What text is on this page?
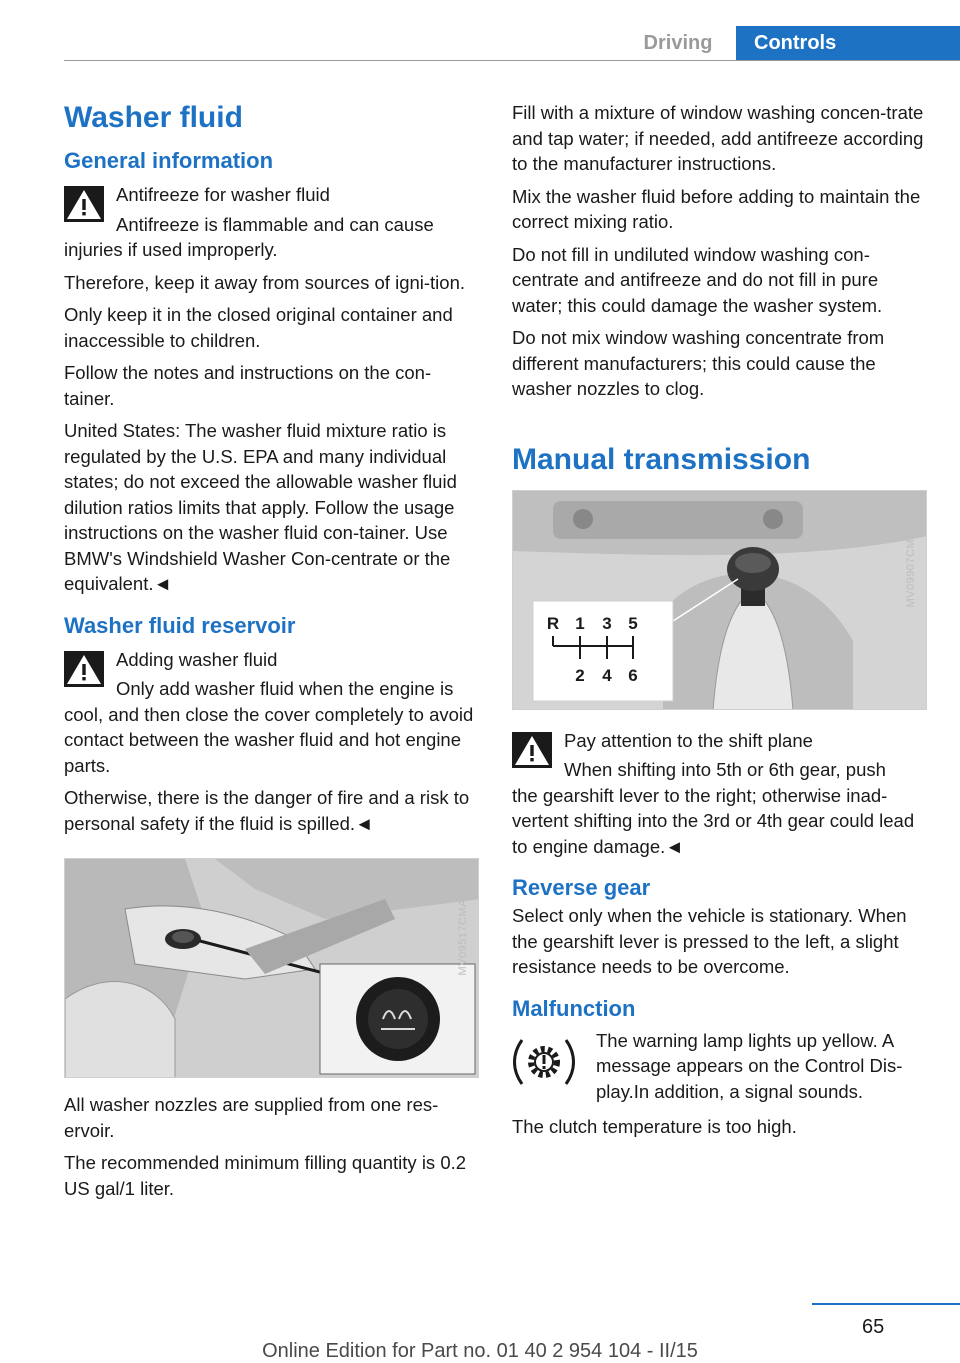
Driving	Controls
Washer fluid
General information

Antifreeze for washer fluid

Antifreeze is flammable and can cause

injuries if used improperly.

Therefore, keep it away from sources of igni-tion.

Only keep it in the closed original container and inaccessible to children.

Follow the notes and instructions on the con-tainer.

United States: The washer fluid mixture ratio is regulated by the U.S. EPA and many individual states; do not exceed the allowable washer fluid dilution ratios limits that apply. Follow the usage instructions on the washer fluid con-tainer. Use BMW's Windshield Washer Con-centrate or the equivalent.◄

Washer fluid reservoir

Adding washer fluid

Only add washer fluid when the engine is

cool, and then close the cover completely to avoid contact between the washer fluid and hot engine parts.

Otherwise, there is the danger of fire and a risk to personal safety if the fluid is spilled.◄

MV09517CMA

All washer nozzles are supplied from one res-ervoir.

The recommended minimum filling quantity is 0.2 US gal/1 liter.

Fill with a mixture of window washing concen-trate and tap water; if needed, add antifreeze according to the manufacturer instructions.

Mix the washer fluid before adding to maintain the correct mixing ratio.

Do not fill in undiluted window washing con-centrate and antifreeze and do not fill in pure water; this could damage the washer system.

Do not mix window washing concentrate from different manufacturers; this could cause the washer nozzles to clog.

Manual transmission
R 1 3 5
2 4 6
MV09907CMA

Pay attention to the shift plane

When shifting into 5th or 6th gear, push

the gearshift lever to the right; otherwise inad-vertent shifting into the 3rd or 4th gear could lead to engine damage.◄

Reverse gear

Select only when the vehicle is stationary. When the gearshift lever is pressed to the left, a slight resistance needs to be overcome.

Malfunction

The warning lamp lights up yellow. A message appears on the Control Dis-play.In addition, a signal sounds.

The clutch temperature is too high.

65
Online Edition for Part no. 01 40 2 954 104 - II/15
